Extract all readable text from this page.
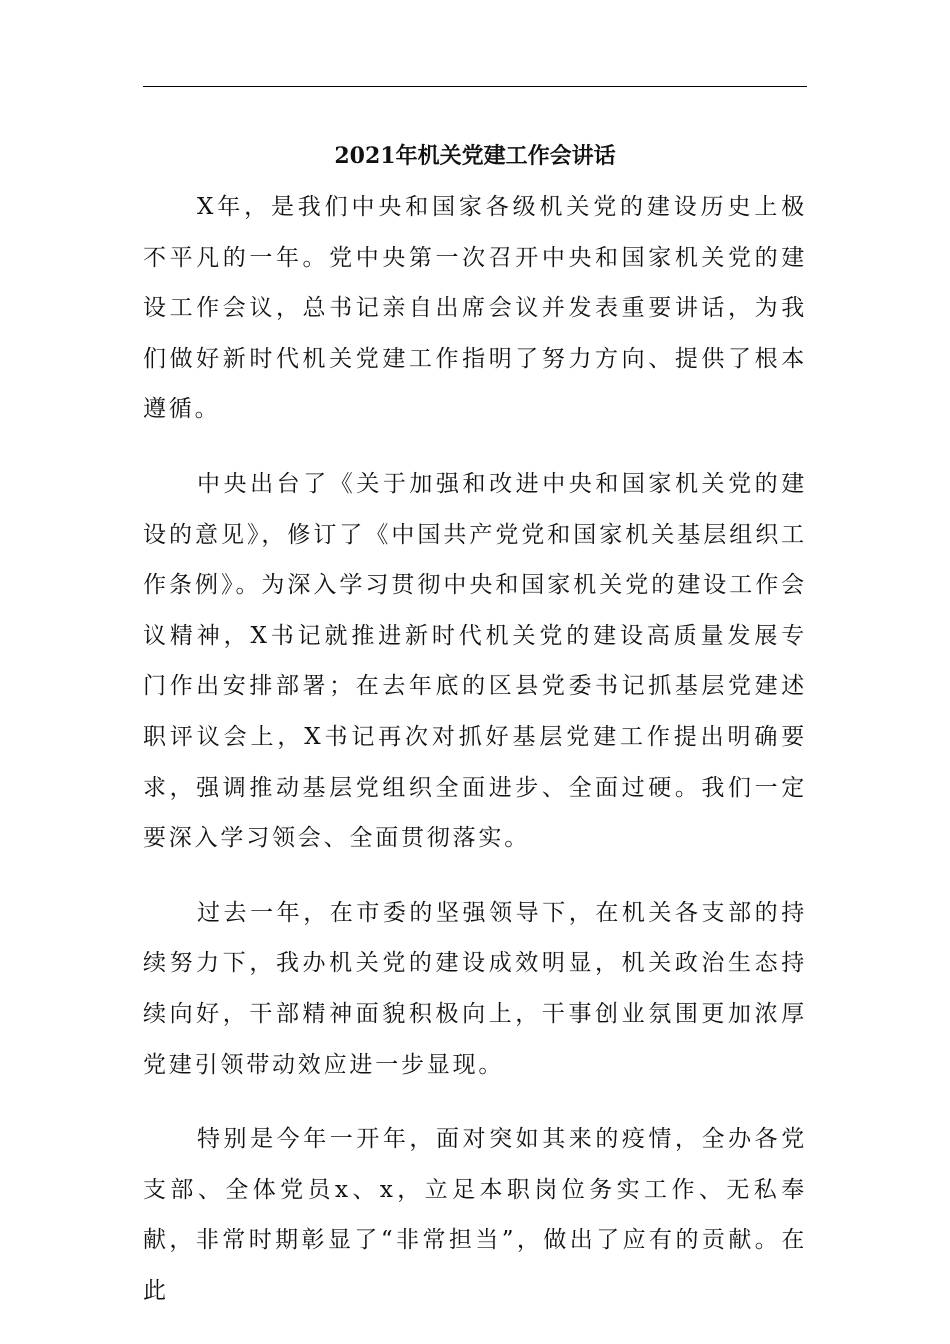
2021年机关党建工作会讲话

X年，是我们中央和国家各级机关党的建设历史上极不平凡的一年。党中央第一次召开中央和国家机关党的建设工作会议，总书记亲自出席会议并发表重要讲话，为我们做好新时代机关党建工作指明了努力方向、提供了根本遵循。

中央出台了《关于加强和改进中央和国家机关党的建设的意见》，修订了《中国共产党党和国家机关基层组织工作条例》。为深入学习贯彻中央和国家机关党的建设工作会议精神，X书记就推进新时代机关党的建设高质量发展专门作出安排部署；在去年底的区县党委书记抓基层党建述职评议会上，X书记再次对抓好基层党建工作提出明确要求，强调推动基层党组织全面进步、全面过硬。我们一定要深入学习领会、全面贯彻落实。

过去一年，在市委的坚强领导下，在机关各支部的持续努力下，我办机关党的建设成效明显，机关政治生态持续向好，干部精神面貌积极向上，干事创业氛围更加浓厚党建引领带动效应进一步显现。

特别是今年一开年，面对突如其来的疫情，全办各党支部、全体党员x、x，立足本职岗位务实工作、无私奉献，非常时期彰显了“非常担当”，做出了应有的贡献。在此
